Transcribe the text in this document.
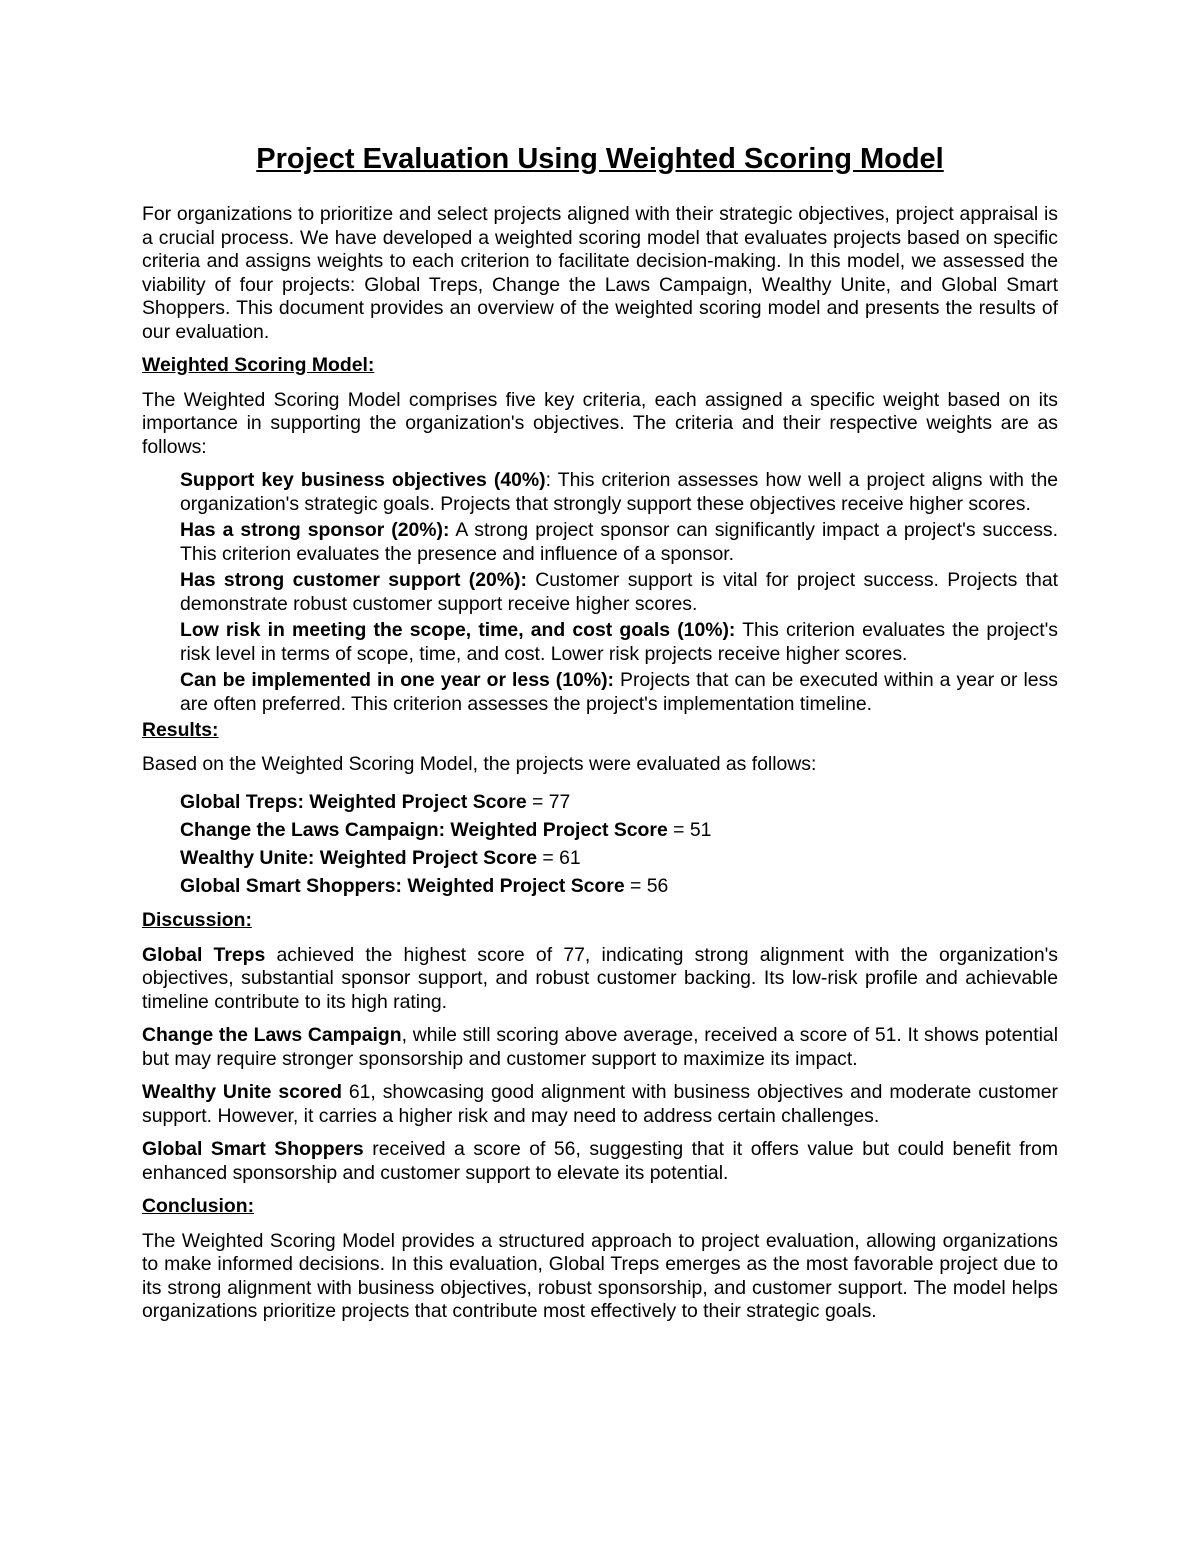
Project Evaluation Using Weighted Scoring Model

For organizations to prioritize and select projects aligned with their strategic objectives, project appraisal is a crucial process. We have developed a weighted scoring model that evaluates projects based on specific criteria and assigns weights to each criterion to facilitate decision-making. In this model, we assessed the viability of four projects: Global Treps, Change the Laws Campaign, Wealthy Unite, and Global Smart Shoppers. This document provides an overview of the weighted scoring model and presents the results of our evaluation.

Weighted Scoring Model:

The Weighted Scoring Model comprises five key criteria, each assigned a specific weight based on its importance in supporting the organization's objectives. The criteria and their respective weights are as follows:

Support key business objectives (40%): This criterion assesses how well a project aligns with the organization's strategic goals. Projects that strongly support these objectives receive higher scores.

Has a strong sponsor (20%): A strong project sponsor can significantly impact a project's success. This criterion evaluates the presence and influence of a sponsor.

Has strong customer support (20%): Customer support is vital for project success. Projects that demonstrate robust customer support receive higher scores.

Low risk in meeting the scope, time, and cost goals (10%): This criterion evaluates the project's risk level in terms of scope, time, and cost. Lower risk projects receive higher scores.

Can be implemented in one year or less (10%): Projects that can be executed within a year or less are often preferred. This criterion assesses the project's implementation timeline.

Results:

Based on the Weighted Scoring Model, the projects were evaluated as follows:

Global Treps: Weighted Project Score = 77
Change the Laws Campaign: Weighted Project Score = 51
Wealthy Unite: Weighted Project Score = 61
Global Smart Shoppers: Weighted Project Score = 56
Discussion:

Global Treps achieved the highest score of 77, indicating strong alignment with the organization's objectives, substantial sponsor support, and robust customer backing. Its low-risk profile and achievable timeline contribute to its high rating.

Change the Laws Campaign, while still scoring above average, received a score of 51. It shows potential but may require stronger sponsorship and customer support to maximize its impact.

Wealthy Unite scored 61, showcasing good alignment with business objectives and moderate customer support. However, it carries a higher risk and may need to address certain challenges.

Global Smart Shoppers received a score of 56, suggesting that it offers value but could benefit from enhanced sponsorship and customer support to elevate its potential.

Conclusion:

The Weighted Scoring Model provides a structured approach to project evaluation, allowing organizations to make informed decisions. In this evaluation, Global Treps emerges as the most favorable project due to its strong alignment with business objectives, robust sponsorship, and customer support. The model helps organizations prioritize projects that contribute most effectively to their strategic goals.
